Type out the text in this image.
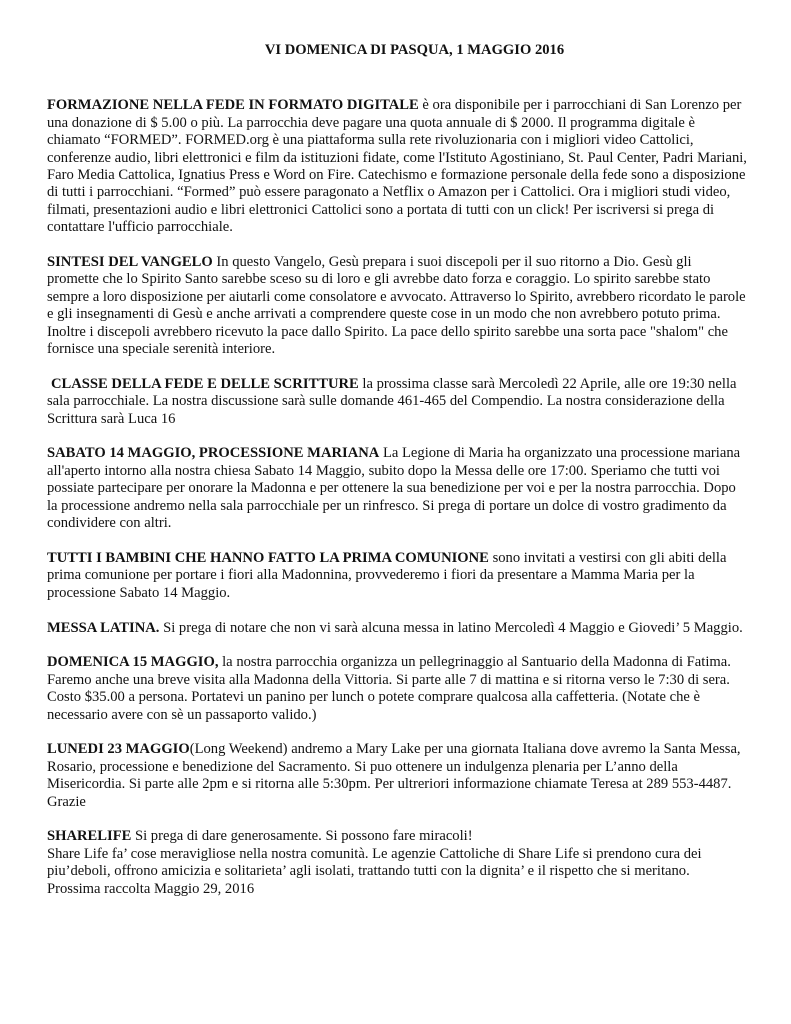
VI DOMENICA DI PASQUA, 1 MAGGIO 2016

FORMAZIONE NELLA FEDE IN FORMATO DIGITALE è ora disponibile per i parrocchiani di San Lorenzo per una donazione di $ 5.00 o più. La parrocchia deve pagare una quota annuale di $ 2000. Il programma digitale è chiamato “FORMED”. FORMED.org è una piattaforma sulla rete rivoluzionaria con i migliori video Cattolici, conferenze audio, libri elettronici e film da istituzioni fidate, come l'Istituto Agostiniano, St. Paul Center, Padri Mariani, Faro Media Cattolica, Ignatius Press e Word on Fire. Catechismo e formazione personale della fede sono a disposizione di tutti i parrocchiani. “Formed” può essere paragonato a Netflix o Amazon per i Cattolici. Ora i migliori studi video, filmati, presentazioni audio e libri elettronici Cattolici sono a portata di tutti con un click! Per iscriversi si prega di contattare l'ufficio parrocchiale.

SINTESI DEL VANGELO In questo Vangelo, Gesù prepara i suoi discepoli per il suo ritorno a Dio. Gesù gli promette che lo Spirito Santo sarebbe sceso su di loro e gli avrebbe dato forza e coraggio. Lo spirito sarebbe stato sempre a loro disposizione per aiutarli come consolatore e avvocato. Attraverso lo Spirito, avrebbero ricordato le parole e gli insegnamenti di Gesù e anche arrivati a comprendere queste cose in un modo che non avrebbero potuto prima. Inoltre i discepoli avrebbero ricevuto la pace dallo Spirito. La pace dello spirito sarebbe una sorta pace "shalom" che fornisce una speciale serenità interiore.

CLASSE DELLA FEDE E DELLE SCRITTURE la prossima classe sarà Mercoledì 22 Aprile, alle ore 19:30 nella sala parrocchiale. La nostra discussione sarà sulle domande 461-465 del Compendio. La nostra considerazione della Scrittura sarà Luca 16

SABATO 14 MAGGIO, PROCESSIONE MARIANA La Legione di Maria ha organizzato una processione mariana all'aperto intorno alla nostra chiesa Sabato 14 Maggio, subito dopo la Messa delle ore 17:00. Speriamo che tutti voi possiate partecipare per onorare la Madonna e per ottenere la sua benedizione per voi e per la nostra parrocchia. Dopo la processione andremo nella sala parrocchiale per un rinfresco. Si prega di portare un dolce di vostro gradimento da condividere con altri.

TUTTI I BAMBINI CHE HANNO FATTO LA PRIMA COMUNIONE sono invitati a vestirsi con gli abiti della prima comunione per portare i fiori alla Madonnina, provvederemo i fiori da presentare a Mamma Maria per la processione Sabato 14 Maggio.

MESSA LATINA. Si prega di notare che non vi sarà alcuna messa in latino Mercoledì 4 Maggio e Giovedi’ 5 Maggio.

DOMENICA 15 MAGGIO, la nostra parrocchia organizza un pellegrinaggio al Santuario della Madonna di Fatima. Faremo anche una breve visita alla Madonna della Vittoria. Si parte alle 7 di mattina e si ritorna verso le 7:30 di sera. Costo $35.00 a persona. Portatevi un panino per lunch o potete comprare qualcosa alla caffetteria. (Notate che è necessario avere con sè un passaporto valido.)

LUNEDI 23 MAGGIO(Long Weekend) andremo a Mary Lake per una giornata Italiana dove avremo la Santa Messa, Rosario, processione e benedizione del Sacramento. Si puo ottenere un indulgenza plenaria per L’anno della Misericordia. Si parte alle 2pm e si ritorna alle 5:30pm. Per ultreriori informazione chiamate Teresa at 289 553-4487. Grazie

SHARELIFE Si prega di dare generosamente. Si possono fare miracoli!
Share Life fa’ cose meravigliose nella nostra comunità. Le agenzie Cattoliche di Share Life si prendono cura dei piu’deboli, offrono amicizia e solitarieta’ agli isolati, trattando tutti con la dignita’ e il rispetto che si meritano.
Prossima raccolta Maggio 29, 2016
